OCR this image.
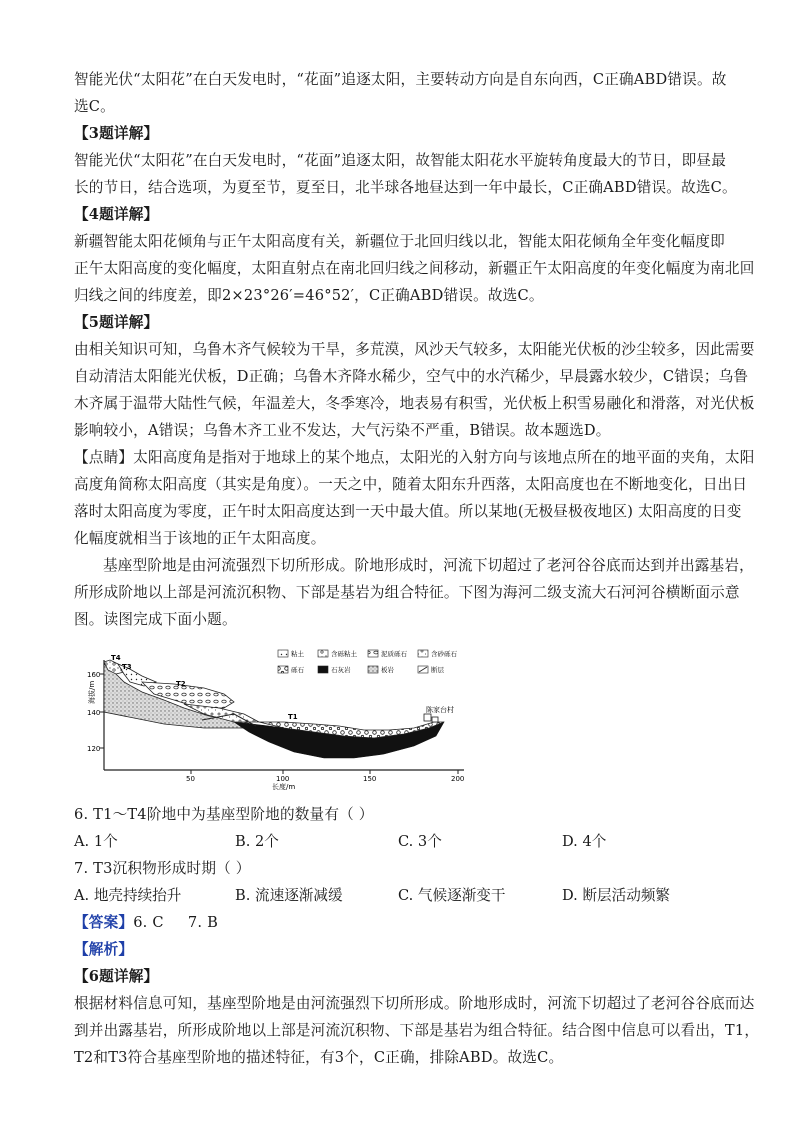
智能光伏“太阳花”在白天发电时，“花面”追逐太阳，主要转动方向是自东向西，C正确ABD错误。故
选C。
【3题详解】
智能光伏“太阳花”在白天发电时，“花面”追逐太阳，故智能太阳花水平旋转角度最大的节日，即昼最
长的节日，结合选项，为夏至节，夏至日，北半球各地昼达到一年中最长，C正确ABD错误。故选C。
【4题详解】
新疆智能太阳花倾角与正午太阳高度有关，新疆位于北回归线以北，智能太阳花倾角全年变化幅度即
正午太阳高度的变化幅度，太阳直射点在南北回归线之间移动，新疆正午太阳高度的年变化幅度为南北回
归线之间的纬度差，即2×23°26′=46°52′，C正确ABD错误。故选C。
【5题详解】
由相关知识可知，乌鲁木齐气候较为干旱，多荒漠，风沙天气较多，太阳能光伏板的沙尘较多，因此需要
自动清洁太阳能光伏板，D正确；乌鲁木齐降水稀少，空气中的水汽稀少，早晨露水较少，C错误；乌鲁
木齐属于温带大陆性气候，年温差大，冬季寒冷，地表易有积雪，光伏板上积雪易融化和滑落，对光伏板
影响较小，A错误；乌鲁木齐工业不发达，大气污染不严重，B错误。故本题选D。
【点睛】太阳高度角是指对于地球上的某个地点，太阳光的入射方向与该地点所在的地平面的夹角，太阳
高度角简称太阳高度（其实是角度）。一天之中，随着太阳东升西落，太阳高度也在不断地变化，日出日
落时太阳高度为零度，正午时太阳高度达到一天中最大值。所以某地(无极昼极夜地区) 太阳高度的日变
化幅度就相当于该地的正午太阳高度。
基座型阶地是由河流强烈下切所形成。阶地形成时，河流下切超过了老河谷谷底而达到并出露基岩，
所形成阶地以上部是河流沉积物、下部是基岩为组合特征。下图为海河二级支流大石河河谷横断面示意
图。读图完成下面小题。
160
140
120
50	100	150	200
长度/m
海拔/m
T4
T3
T2
T1
陈家台村
粘土	含砾粘土	泥质砾石	含砂砾石
砾石	石灰岩	板岩	断层
6. T1～T4阶地中为基座型阶地的数量有（ ）
A. 1个	B. 2个	C. 3个	D. 4个
7. T3沉积物形成时期（ ）
A. 地壳持续抬升	B. 流速逐渐减缓	C. 气候逐渐变干	D. 断层活动频繁
【答案】6. C     7. B
【解析】
【6题详解】
根据材料信息可知，基座型阶地是由河流强烈下切所形成。阶地形成时，河流下切超过了老河谷谷底而达
到并出露基岩，所形成阶地以上部是河流沉积物、下部是基岩为组合特征。结合图中信息可以看出，T1，
T2和T3符合基座型阶地的描述特征，有3个，C正确，排除ABD。故选C。
